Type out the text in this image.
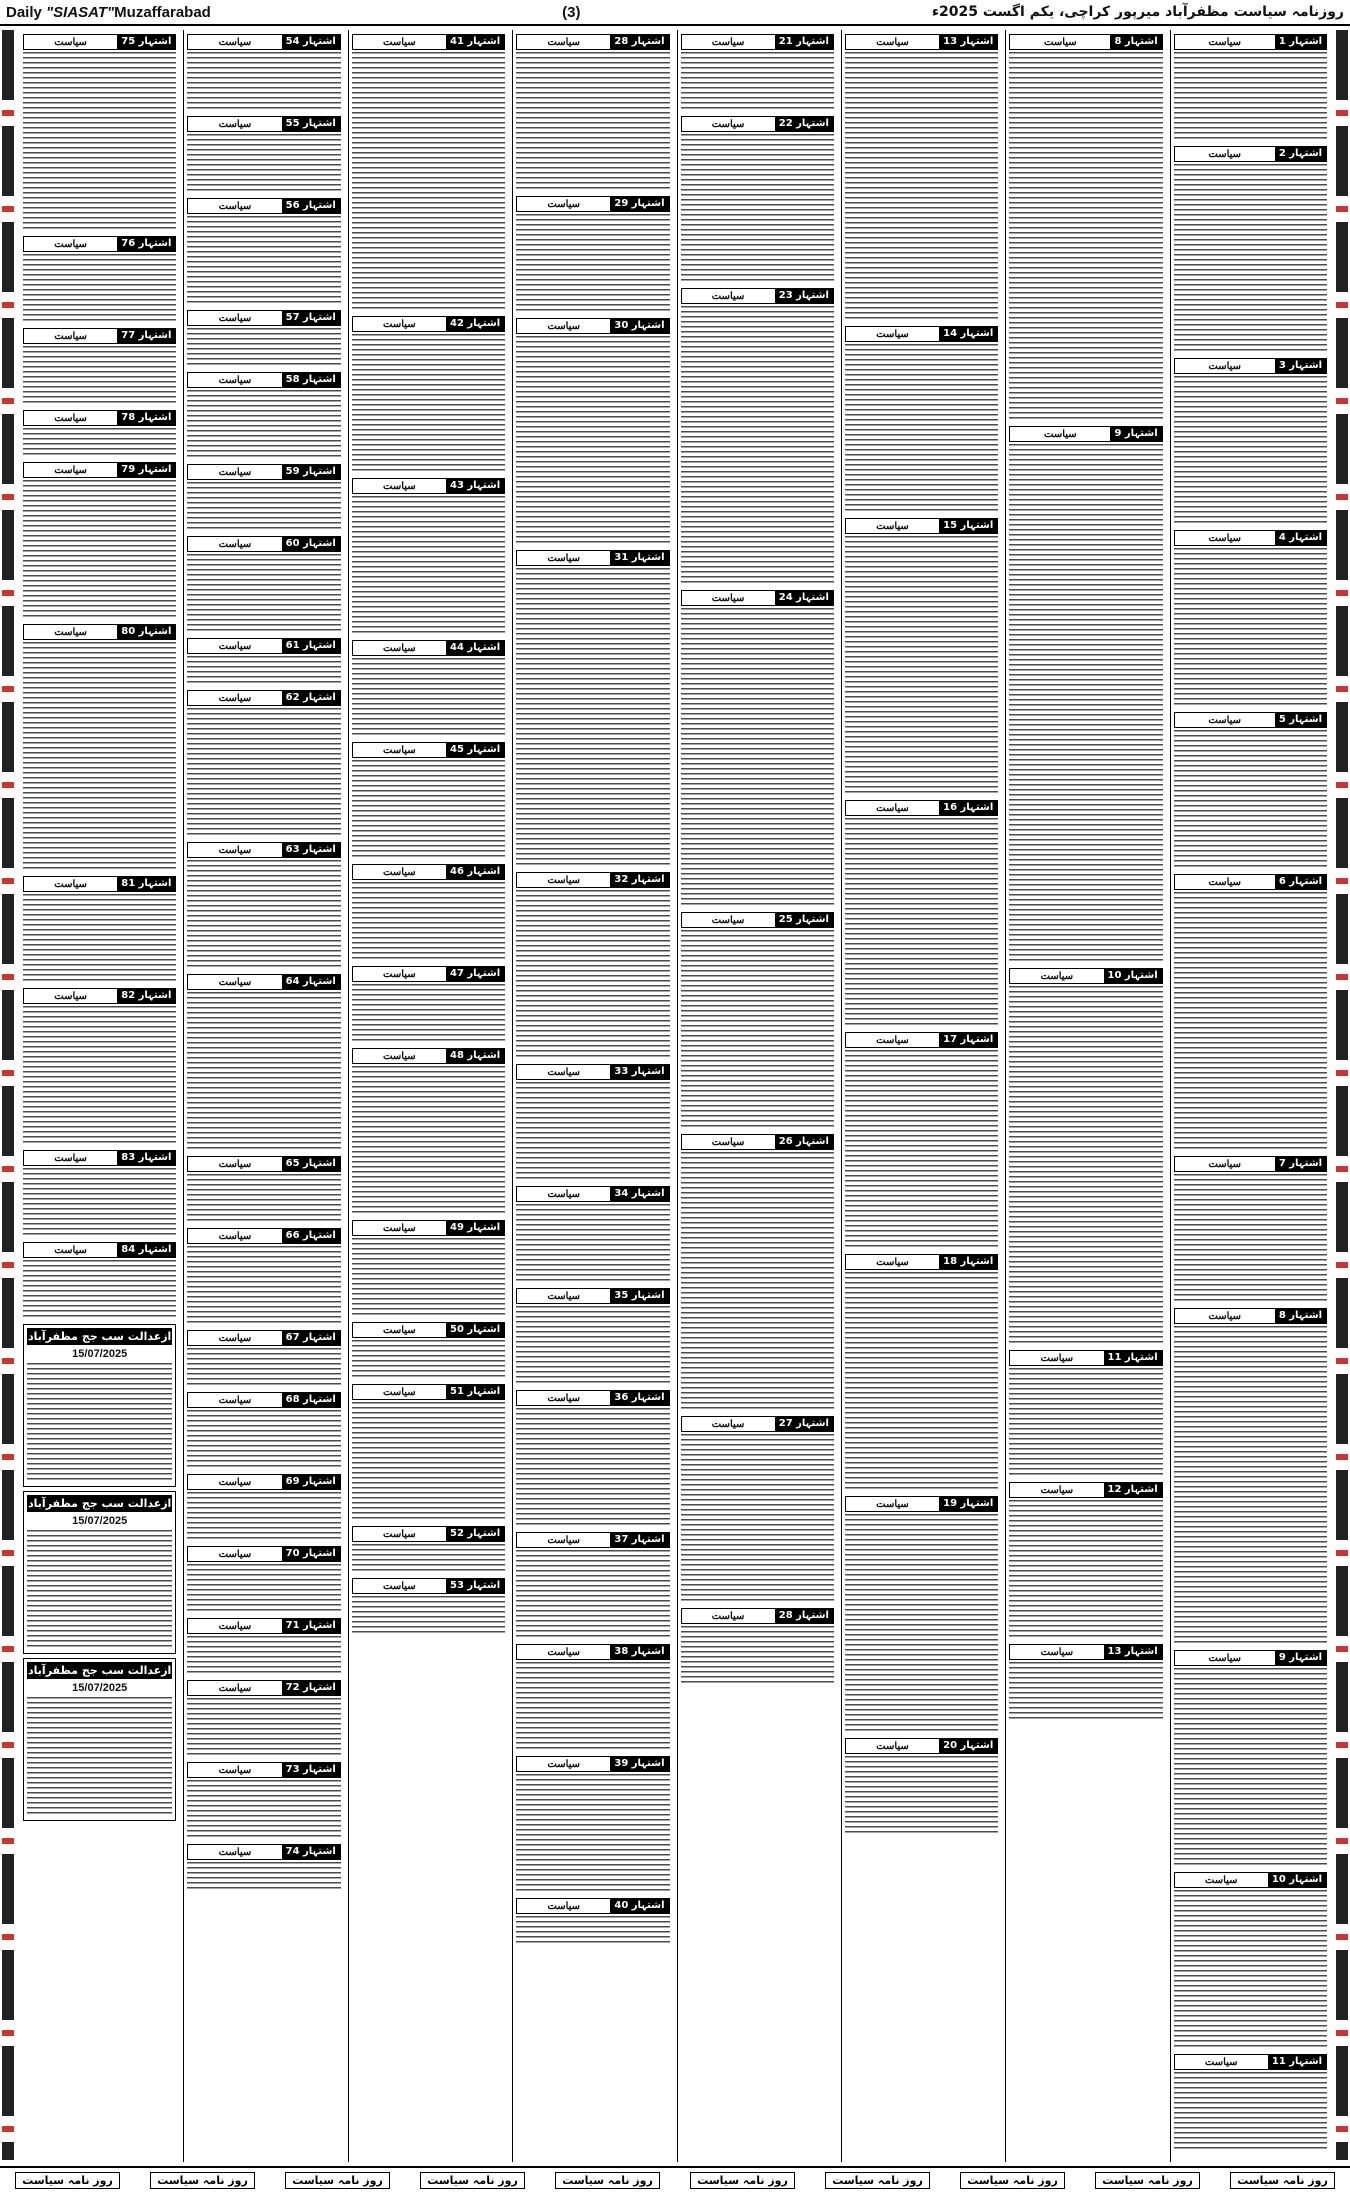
Daily "SIASAT"Muzaffarabad	(3)	روزنامہ سیاست مظفرآباد میرپور کراچی، یکم اگست 2025ء
اشتہار 1
سیاست
اشتہار 2
سیاست
اشتہار 3
سیاست
اشتہار 4
سیاست
اشتہار 5
سیاست
اشتہار 6
سیاست
اشتہار 7
سیاست
اشتہار 8
سیاست
اشتہار 9
سیاست
اشتہار 10
سیاست
اشتہار 11
سیاست
اشتہار 8
سیاست
اشتہار 9
سیاست
اشتہار 10
سیاست
اشتہار 11
سیاست
اشتہار 12
سیاست
اشتہار 13
سیاست
اشتہار 13
سیاست
اشتہار 14
سیاست
اشتہار 15
سیاست
اشتہار 16
سیاست
اشتہار 17
سیاست
اشتہار 18
سیاست
اشتہار 19
سیاست
اشتہار 20
سیاست
اشتہار 21
سیاست
اشتہار 22
سیاست
اشتہار 23
سیاست
اشتہار 24
سیاست
اشتہار 25
سیاست
اشتہار 26
سیاست
اشتہار 27
سیاست
اشتہار 28
سیاست
اشتہار 28
سیاست
اشتہار 29
سیاست
اشتہار 30
سیاست
اشتہار 31
سیاست
اشتہار 32
سیاست
اشتہار 33
سیاست
اشتہار 34
سیاست
اشتہار 35
سیاست
اشتہار 36
سیاست
اشتہار 37
سیاست
اشتہار 38
سیاست
اشتہار 39
سیاست
اشتہار 40
سیاست
اشتہار 41
سیاست
اشتہار 42
سیاست
اشتہار 43
سیاست
اشتہار 44
سیاست
اشتہار 45
سیاست
اشتہار 46
سیاست
اشتہار 47
سیاست
اشتہار 48
سیاست
اشتہار 49
سیاست
اشتہار 50
سیاست
اشتہار 51
سیاست
اشتہار 52
سیاست
اشتہار 53
سیاست
اشتہار 54
سیاست
اشتہار 55
سیاست
اشتہار 56
سیاست
اشتہار 57
سیاست
اشتہار 58
سیاست
اشتہار 59
سیاست
اشتہار 60
سیاست
اشتہار 61
سیاست
اشتہار 62
سیاست
اشتہار 63
سیاست
اشتہار 64
سیاست
اشتہار 65
سیاست
اشتہار 66
سیاست
اشتہار 67
سیاست
اشتہار 68
سیاست
اشتہار 69
سیاست
اشتہار 70
سیاست
اشتہار 71
سیاست
اشتہار 72
سیاست
اشتہار 73
سیاست
اشتہار 74
سیاست
اشتہار 75
سیاست
اشتہار 76
سیاست
اشتہار 77
سیاست
اشتہار 78
سیاست
اشتہار 79
سیاست
اشتہار 80
سیاست
اشتہار 81
سیاست
اشتہار 82
سیاست
اشتہار 83
سیاست
اشتہار 84
سیاست
ازعدالت سب جج مظفرآباد
15/07/2025
ازعدالت سب جج مظفرآباد
15/07/2025
ازعدالت سب جج مظفرآباد
15/07/2025
روز نامہ سیاست	روز نامہ سیاست	روز نامہ سیاست	روز نامہ سیاست	روز نامہ سیاست	روز نامہ سیاست	روز نامہ سیاست	روز نامہ سیاست	روز نامہ سیاست	روز نامہ سیاست
